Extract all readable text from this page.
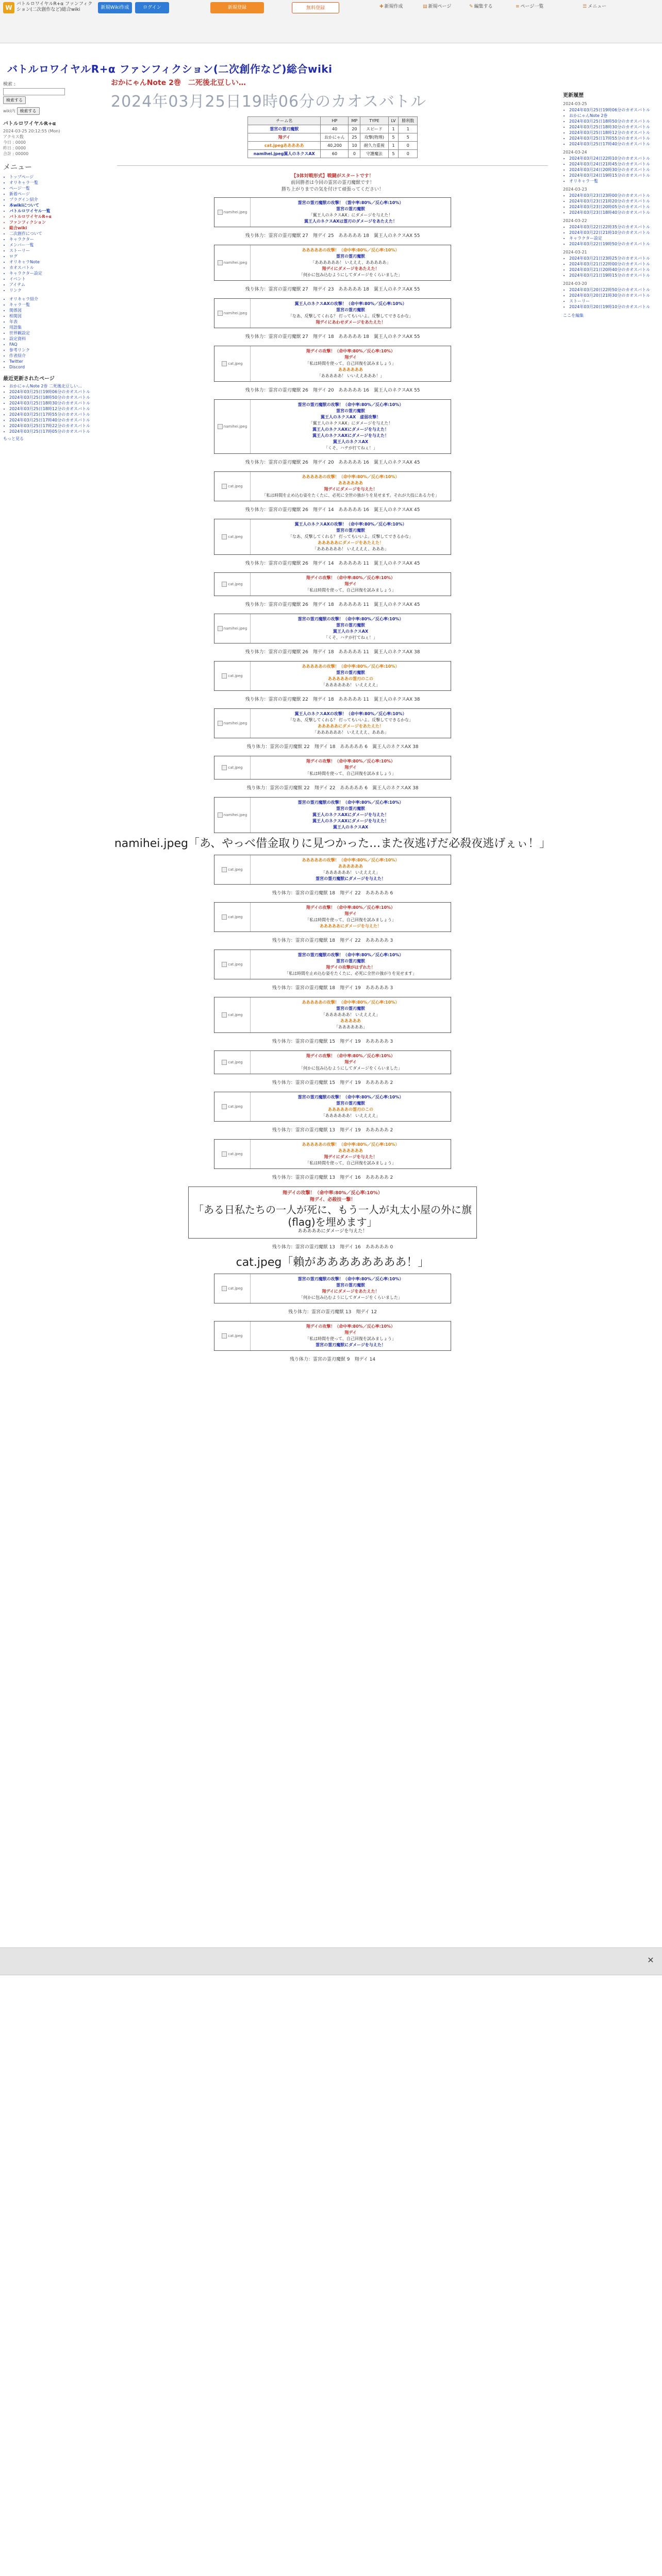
W バトルロワイヤルR+α ファンフィクション(二次創作など)総合wiki	新規Wiki作成	ログイン	新規登録	無料登録	✚ 新規作成	▤ 新規ページ	✎ 編集する	≡ ページ一覧	☰ メニュー
バトルロワイヤルR+α ファンフィクション(二次創作など)総合wiki
検索 :
検索する
wiki内 検索する
バトルロワイヤルR+α
2024-03-25 20:12:55 (Mon)
アクセス数
今日 : 0000
昨日 : 0000
合計 : 00000
メニュー
• トップページ
• オリキャラ一覧
• ページ一覧
• 新着ページ
• プラグイン紹介
• 本wikiについて
• バトルロワイヤル一覧
• バトルロワイヤルR+α
• ファンフィクション
• 総合wiki
• 二次創作について
• キャラクター
• メンバー一覧
• ストーリー
• ログ
• オリキャラNote
• カオスバトル
• キャラクター設定
• イベント
• アイテム
• リンク
• オリキャラ紹介
• キャラ一覧
• 関係図
• 相関図
• 年表
• 用語集
• 世界観設定
• 設定資料
• FAQ
• 参考リンク
• 作者紹介
• Twitter
• Discord
最近更新されたページ
• おかにゃんNote 2巻 二死後北豆しい…
• 2024年03月25日19時06分のカオスバトル
• 2024年03月25日18時50分のカオスバトル
• 2024年03月25日18時30分のカオスバトル
• 2024年03月25日18時12分のカオスバトル
• 2024年03月25日17時55分のカオスバトル
• 2024年03月25日17時40分のカオスバトル
• 2024年03月25日17時22分のカオスバトル
• 2024年03月25日17時05分のカオスバトル
もっと見る
更新履歴
2024-03-25
• 2024年03月25日19時06分のカオスバトル
• おかにゃんNote 2巻
• 2024年03月25日18時50分のカオスバトル
• 2024年03月25日18時30分のカオスバトル
• 2024年03月25日18時12分のカオスバトル
• 2024年03月25日17時55分のカオスバトル
• 2024年03月25日17時40分のカオスバトル
2024-03-24
• 2024年03月24日22時10分のカオスバトル
• 2024年03月24日21時45分のカオスバトル
• 2024年03月24日20時30分のカオスバトル
• 2024年03月24日19時15分のカオスバトル
• オリキャラ一覧
2024-03-23
• 2024年03月23日23時00分のカオスバトル
• 2024年03月23日21時20分のカオスバトル
• 2024年03月23日20時05分のカオスバトル
• 2024年03月23日18時40分のカオスバトル
2024-03-22
• 2024年03月22日22時35分のカオスバトル
• 2024年03月22日21時10分のカオスバトル
• キャラクター設定
• 2024年03月22日19時50分のカオスバトル
2024-03-21
• 2024年03月21日23時25分のカオスバトル
• 2024年03月21日22時00分のカオスバトル
• 2024年03月21日20時40分のカオスバトル
• 2024年03月21日19時15分のカオスバトル
2024-03-20
• 2024年03月20日22時50分のカオスバトル
• 2024年03月20日21時30分のカオスバトル
• ストーリー
• 2024年03月20日19時10分のカオスバトル
ここを編集
おかにゃんNote 2巻　二死後北豆しい…
2024年03月25日19時06分のカオスバトル
チーム名	HP	MP	TYPE	LV	勝利数
霊宮の霊刃魔獣	40	20	スピード	1	1
翔デイ	おかにゃん	25	攻撃(物理)	5	5
cat.jpegあああああ	40,200	10	耐久力重視	1	0
namihei.jpeg翼人のネクスAX	60	0	守護魔法	5	0
【3体対戦形式】戦闘がスタートです！
前回勝者は今回の霊宮の霊刃魔獣です！
勝ち上がりまでの気を付けて頑張ってください！
namihei.jpeg
霊宮の霊刃魔獣の攻撃！（霊中率:80%／反心率:10%）
霊宮の霊刃魔獣
「翼王人のネクスAX」にダメージを与えた！
翼王人のネクスAXは霊刃のダメージをあたえた！
残り体力：霊宮の霊刃魔獣 27　翔デイ 25　あああああ 18　翼王人のネクスAX 55
namihei.jpeg
あああああの攻撃！（命中率:80%／反心率:10%）
霊宮の霊刃魔獣
「ああああああ！ いえええ、あああああ」
翔デイにダメージをあたえた！
「何かに包み込むようにしてダメージをくらいました」
残り体力：霊宮の霊刃魔獣 27　翔デイ 23　あああああ 18　翼王人のネクスAX 55
namihei.jpeg
翼王人のネクスAXの攻撃！（命中率:80%／反心率:10%）
霊宮の霊刃魔獣
「なあ、反撃してくれる？ 打ってもいいよ。反撃してできるかな」
翔デイにあわせダメージをあたえた！
残り体力：霊宮の霊刃魔獣 27　翔デイ 18　あああああ 18　翼王人のネクスAX 55
cat.jpeg
翔デイの攻撃！（命中率:80%／反心率:10%）
翔デイ
「私は時間を使って、自己回復を試みましょう」
ああああああ
「あああああ！ いいええあああ！」
残り体力：霊宮の霊刃魔獣 26　翔デイ 20　あああああ 16　翼王人のネクスAX 55
namihei.jpeg
霊宮の霊刃魔獣の攻撃！（命中率:80%／反心率:10%）
霊宮の霊刃魔獣
翼王人のネクスAX　虚弱攻撃！
「翼王人のネクスAX」にダメージを与えた！
翼王人のネクスAXにダメージを与えた！
翼王人のネクスAXにダメージを与えた！
翼王人のネクスAX
「くそ、ハテが打てねぇ！」
残り体力：霊宮の霊刃魔獣 26　翔デイ 20　あああああ 16　翼王人のネクスAX 45
cat.jpeg
あああああの攻撃！（命中率:80%／反心率:10%）
ああああああ
翔デイにダメージを与えた！
「私は時間を止め込む姿をたくたに、必死に全世の強がりを見せます。それが大技にある力を」
残り体力：霊宮の霊刃魔獣 26　翔デイ 14　あああああ 16　翼王人のネクスAX 45
cat.jpeg
翼王人のネクスAXの攻撃！（命中率:80%／反心率:10%）
霊宮の霊刃魔獣
「なあ、反撃してくれる？ 打ってもいいよ。反撃してできるかな」
あああああにダメージをあたえた！
「ああああああ！ いええええ、あああ」
残り体力：霊宮の霊刃魔獣 26　翔デイ 14　あああああ 11　翼王人のネクスAX 45
cat.jpeg
翔デイの攻撃！（命中率:80%／反心率:10%）
翔デイ
「私は時間を使って、自己回復を試みましょう」
残り体力：霊宮の霊刃魔獣 26　翔デイ 18　あああああ 11　翼王人のネクスAX 45
namihei.jpeg
霊宮の霊刃魔獣の攻撃！（命中率:80%／反心率:10%）
霊宮の霊刃魔獣
翼王人のネクスAX
「くそ、ハテが打てねぇ！」
残り体力：霊宮の霊刃魔獣 26　翔デイ 18　あああああ 11　翼王人のネクスAX 38
cat.jpeg
あああああの攻撃！（命中率:80%／反心率:10%）
霊宮の霊刃魔獣
あああああの霊刃のこの
「ああああああ！ いええええ」
残り体力：霊宮の霊刃魔獣 22　翔デイ 18　あああああ 11　翼王人のネクスAX 38
namihei.jpeg
翼王人のネクスAXの攻撃！（命中率:80%／反心率:10%）
「なあ、反撃してくれる？ 打ってもいいよ。反撃してできるかな」
あああああにダメージをあたえた！
「ああああああ！ いええええ、あああ」
残り体力：霊宮の霊刃魔獣 22　翔デイ 18　あああああ 6　翼王人のネクスAX 38
cat.jpeg
翔デイの攻撃！（命中率:80%／反心率:10%）
翔デイ
「私は時間を使って、自己回復を試みましょう」
残り体力：霊宮の霊刃魔獣 22　翔デイ 22　あああああ 6　翼王人のネクスAX 38
namihei.jpeg
霊宮の霊刃魔獣の攻撃！（命中率:80%／反心率:10%）
霊宮の霊刃魔獣
翼王人のネクスAXにダメージを与えた！
翼王人のネクスAXにダメージを与えた！
翼王人のネクスAX
namihei.jpeg「あ、やっべ借金取りに見つかった…また夜逃げだ必殺夜逃げぇぃ！」
cat.jpeg
あああああの攻撃！（命中率:80%／反心率:10%）
ああああああ
「ああああああ！ いええええ」
霊宮の霊刃魔獣にダメージを与えた！
残り体力：霊宮の霊刃魔獣 18　翔デイ 22　あああああ 6
cat.jpeg
翔デイの攻撃！（命中率:80%／反心率:10%）
翔デイ
「私は時間を使って、自己回復を試みましょう」
あああああにダメージを与えた！
残り体力：霊宮の霊刃魔獣 18　翔デイ 22　あああああ 3
cat.jpeg
霊宮の霊刃魔獣の攻撃！（命中率:80%／反心率:10%）
霊宮の霊刃魔獣
翔デイの攻撃がはずれた！
「私は時間を止め込む姿をたくたに、必死に全世の強がりを見せます」
残り体力：霊宮の霊刃魔獣 18　翔デイ 19　あああああ 3
cat.jpeg
あああああの攻撃！（命中率:80%／反心率:10%）
霊宮の霊刃魔獣
「ああああああ！ いええええ」
あああああ
「ああああああ」
残り体力：霊宮の霊刃魔獣 15　翔デイ 19　あああああ 3
cat.jpeg
翔デイの攻撃！（命中率:80%／反心率:10%）
翔デイ
「何かに包み込むようにしてダメージをくらいました」
残り体力：霊宮の霊刃魔獣 15　翔デイ 19　あああああ 2
cat.jpeg
霊宮の霊刃魔獣の攻撃！（命中率:80%／反心率:10%）
霊宮の霊刃魔獣
あああああの霊刃のこの
「ああああああ！ いええええ」
残り体力：霊宮の霊刃魔獣 13　翔デイ 19　あああああ 2
cat.jpeg
あああああの攻撃！（命中率:80%／反心率:10%）
ああああああ
翔デイにダメージを与えた！
「私は時間を使って、自己回復を試みましょう」
残り体力：霊宮の霊刃魔獣 13　翔デイ 16　あああああ 2
翔デイの攻撃！（命中率:80%／反心率:10%）
翔デイ、必殺技一撃！
「ある日私たちの一人が死に、もう一人が丸太小屋の外に旗(flag)を埋めます」
あああああにダメージを与えた！
残り体力：霊宮の霊刃魔獣 13　翔デイ 16　あああああ 0
cat.jpeg「賴がああああああああ！」
cat.jpeg
霊宮の霊刃魔獣の攻撃！（命中率:80%／反心率:10%）
霊宮の霊刃魔獣
翔デイにダメージをあたえた！
「何かに包み込むようにしてダメージをくらいました」
残り体力：霊宮の霊刃魔獣 13　翔デイ 12
cat.jpeg
翔デイの攻撃！（命中率:80%／反心率:10%）
翔デイ
「私は時間を使って、自己回復を試みましょう」
霊宮の霊刃魔獣にダメージを与えた！
残り体力：霊宮の霊刃魔獣 9　翔デイ 14
✕
